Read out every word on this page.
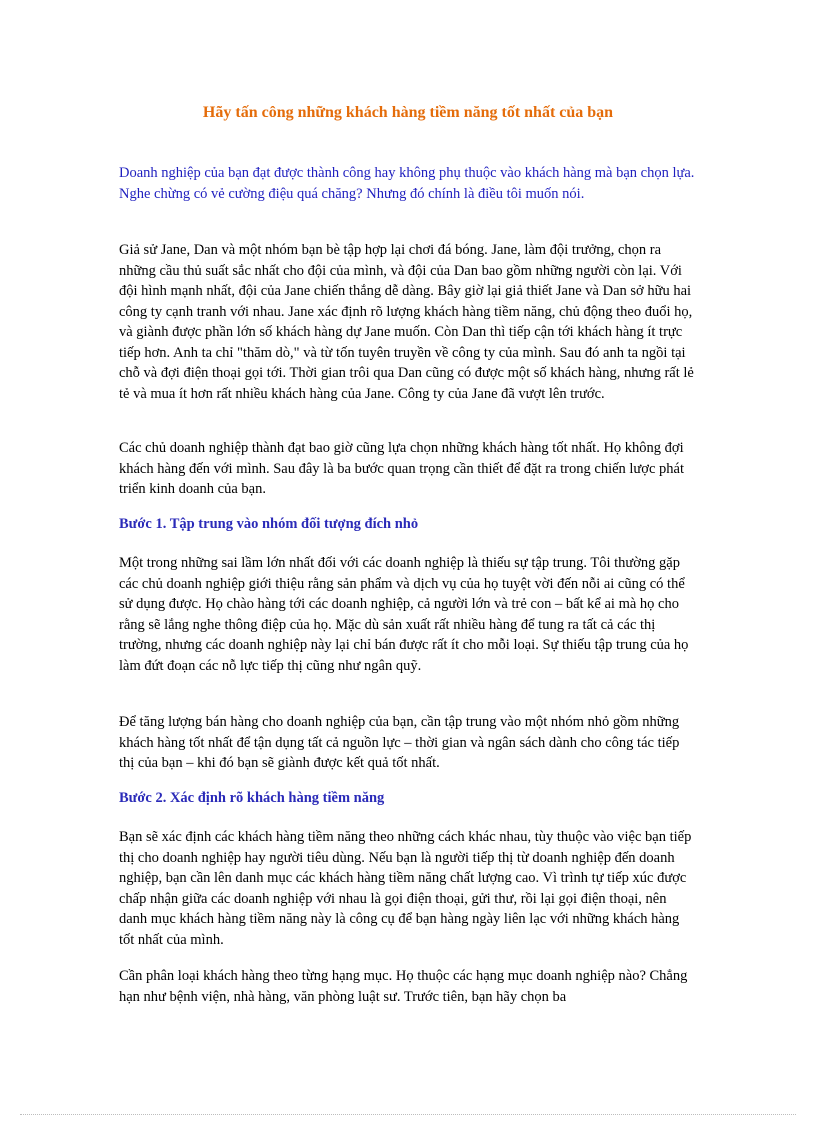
Hãy tấn công những khách hàng tiềm năng tốt nhất của bạn

Doanh nghiệp của bạn đạt được thành công hay không phụ thuộc vào khách hàng mà bạn chọn lựa. Nghe chừng có vẻ cường điệu quá chăng? Nhưng đó chính là điều tôi muốn nói.

Giả sử Jane, Dan và một nhóm bạn bè tập hợp lại chơi đá bóng. Jane, làm đội trưởng, chọn ra những cầu thủ suất sắc nhất cho đội của mình, và đội của Dan bao gồm những người còn lại. Với đội hình mạnh nhất, đội của Jane chiến thắng dễ dàng. Bây giờ lại giả thiết Jane và Dan sở hữu hai công ty cạnh tranh với nhau. Jane xác định rõ lượng khách hàng tiềm năng, chủ động theo đuổi họ, và giành được phần lớn số khách hàng dự Jane muốn. Còn Dan thì tiếp cận tới khách hàng ít trực tiếp hơn. Anh ta chỉ "thăm dò," và từ tốn tuyên truyền về công ty của mình. Sau đó anh ta ngồi tại chỗ và đợi điện thoại gọi tới. Thời gian trôi qua Dan cũng có được một số khách hàng, nhưng rất lẻ tẻ và mua ít hơn rất nhiều khách hàng của Jane. Công ty của Jane đã vượt lên trước.

Các chủ doanh nghiệp thành đạt bao giờ cũng lựa chọn những khách hàng tốt nhất. Họ không đợi khách hàng đến với mình. Sau đây là ba bước quan trọng cần thiết để đặt ra trong chiến lược phát triển kinh doanh của bạn.

Bước 1. Tập trung vào nhóm đối tượng đích nhỏ

Một trong những sai lầm lớn nhất đối với các doanh nghiệp là thiếu sự tập trung. Tôi thường gặp các chủ doanh nghiệp giới thiệu rằng sản phẩm và dịch vụ của họ tuyệt vời đến nỗi ai cũng có thể sử dụng được. Họ chào hàng tới các doanh nghiệp, cả người lớn và trẻ con – bất kể ai mà họ cho rằng sẽ lắng nghe thông điệp của họ. Mặc dù sản xuất rất nhiều hàng để tung ra tất cả các thị trường, nhưng các doanh nghiệp này lại chỉ bán được rất ít cho mỗi loại. Sự thiếu tập trung của họ làm đứt đoạn các nỗ lực tiếp thị cũng như ngân quỹ.

Để tăng lượng bán hàng cho doanh nghiệp của bạn, cần tập trung vào một nhóm nhỏ gồm những khách hàng tốt nhất để tận dụng tất cả nguồn lực – thời gian và ngân sách dành cho công tác tiếp thị của bạn – khi đó bạn sẽ giành được kết quả tốt nhất.

Bước 2. Xác định rõ khách hàng tiềm năng

Bạn sẽ xác định các khách hàng tiềm năng theo những cách khác nhau, tùy thuộc vào việc bạn tiếp thị cho doanh nghiệp hay người tiêu dùng. Nếu bạn là người tiếp thị từ doanh nghiệp đến doanh nghiệp, bạn cần lên danh mục các khách hàng tiềm năng chất lượng cao. Vì trình tự tiếp xúc được chấp nhận giữa các doanh nghiệp với nhau là gọi điện thoại, gửi thư, rồi lại gọi điện thoại, nên danh mục khách hàng tiềm năng này là công cụ để bạn hàng ngày liên lạc với những khách hàng tốt nhất của mình.

Cần phân loại khách hàng theo từng hạng mục. Họ thuộc các hạng mục doanh nghiệp nào? Chẳng hạn như bệnh viện, nhà hàng, văn phòng luật sư. Trước tiên, bạn hãy chọn ba
